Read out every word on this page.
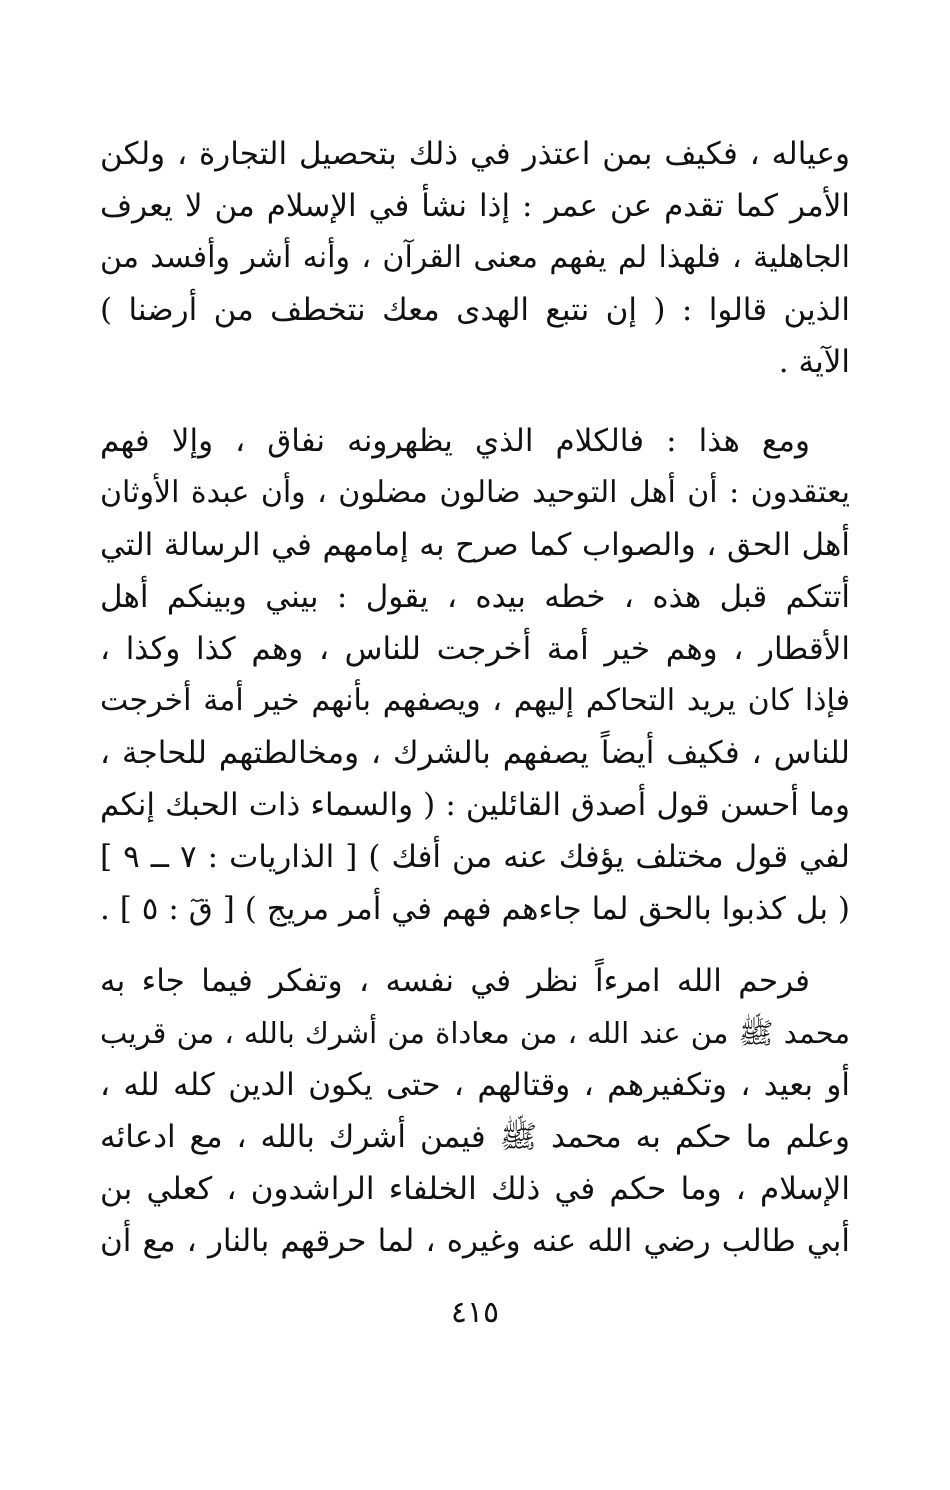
وعياله ، فكيف بمن اعتذر في ذلك بتحصيل التجارة ، ولكن
الأمر كما تقدم عن عمر : إذا نشأ في الإسلام من لا يعرف
الجاهلية ، فلهذا لم يفهم معنى القرآن ، وأنه أشر وأفسد من
الذين قالوا : ( إن نتبع الهدى معك نتخطف من أرضنا )
الآية .
ومع هذا : فالكلام الذي يظهرونه نفاق ، وإلا فهم
يعتقدون : أن أهل التوحيد ضالون مضلون ، وأن عبدة الأوثان
أهل الحق ، والصواب كما صرح به إمامهم في الرسالة التي
أتتكم قبل هذه ، خطه بيده ، يقول : بيني وبينكم أهل
الأقطار ، وهم خير أمة أخرجت للناس ، وهم كذا وكذا ،
فإذا كان يريد التحاكم إليهم ، ويصفهم بأنهم خير أمة أخرجت
للناس ، فكيف أيضاً يصفهم بالشرك ، ومخالطتهم للحاجة ،
وما أحسن قول أصدق القائلين : ( والسماء ذات الحبك إنكم
لفي قول مختلف يؤفك عنه من أفك ) [ الذاريات : ٧ ــ ٩ ]
( بل كذبوا بالحق لما جاءهم فهم في أمر مريج ) [ قٓ : ٥ ] .
فرحم الله امرءاً نظر في نفسه ، وتفكر فيما جاء به
محمد ﷺ من عند الله ، من معاداة من أشرك بالله ، من قريب
أو بعيد ، وتكفيرهم ، وقتالهم ، حتى يكون الدين كله لله ،
وعلم ما حكم به محمد ﷺ فيمن أشرك بالله ، مع ادعائه
الإسلام ، وما حكم في ذلك الخلفاء الراشدون ، كعلي بن
أبي طالب رضي الله عنه وغيره ، لما حرقهم بالنار ، مع أن
٤١٥
